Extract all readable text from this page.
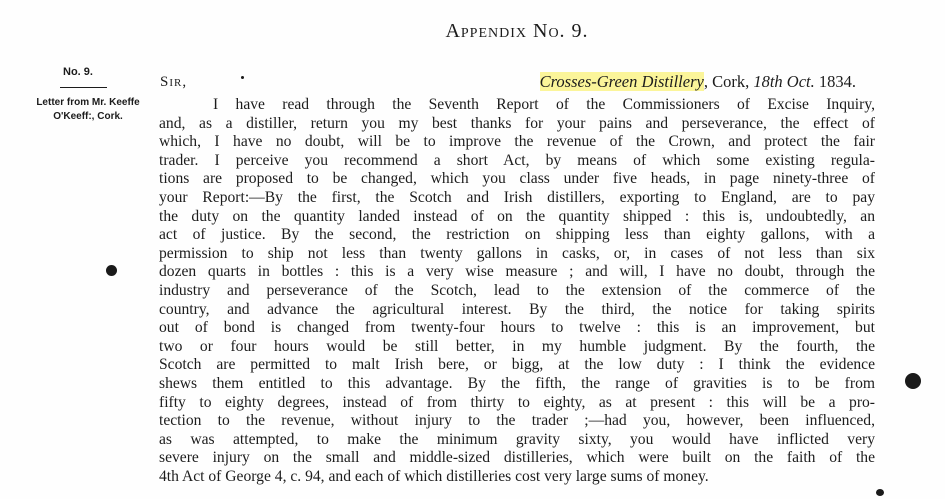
Appendix No. 9.
No. 9.
Letter from Mr. Keeffe
O'Keeff:, Cork.
Sir,	Crosses-Green Distillery, Cork, 18th Oct. 1834.
I have read through the Seventh Report of the Commissioners of Excise Inquiry,
and, as a distiller, return you my best thanks for your pains and perseverance, the effect of
which, I have no doubt, will be to improve the revenue of the Crown, and protect the fair
trader. I perceive you recommend a short Act, by means of which some existing regula-
tions are proposed to be changed, which you class under five heads, in page ninety-three of
your Report:—By the first, the Scotch and Irish distillers, exporting to England, are to pay
the duty on the quantity landed instead of on the quantity shipped : this is, undoubtedly, an
act of justice. By the second, the restriction on shipping less than eighty gallons, with a
permission to ship not less than twenty gallons in casks, or, in cases of not less than six
dozen quarts in bottles : this is a very wise measure ; and will, I have no doubt, through the
industry and perseverance of the Scotch, lead to the extension of the commerce of the
country, and advance the agricultural interest. By the third, the notice for taking spirits
out of bond is changed from twenty-four hours to twelve : this is an improvement, but
two or four hours would be still better, in my humble judgment. By the fourth, the
Scotch are permitted to malt Irish bere, or bigg, at the low duty : I think the evidence
shews them entitled to this advantage. By the fifth, the range of gravities is to be from
fifty to eighty degrees, instead of from thirty to eighty, as at present : this will be a pro-
tection to the revenue, without injury to the trader ;—had you, however, been influenced,
as was attempted, to make the minimum gravity sixty, you would have inflicted very
severe injury on the small and middle-sized distilleries, which were built on the faith of the
4th Act of George 4, c. 94, and each of which distilleries cost very large sums of money.
